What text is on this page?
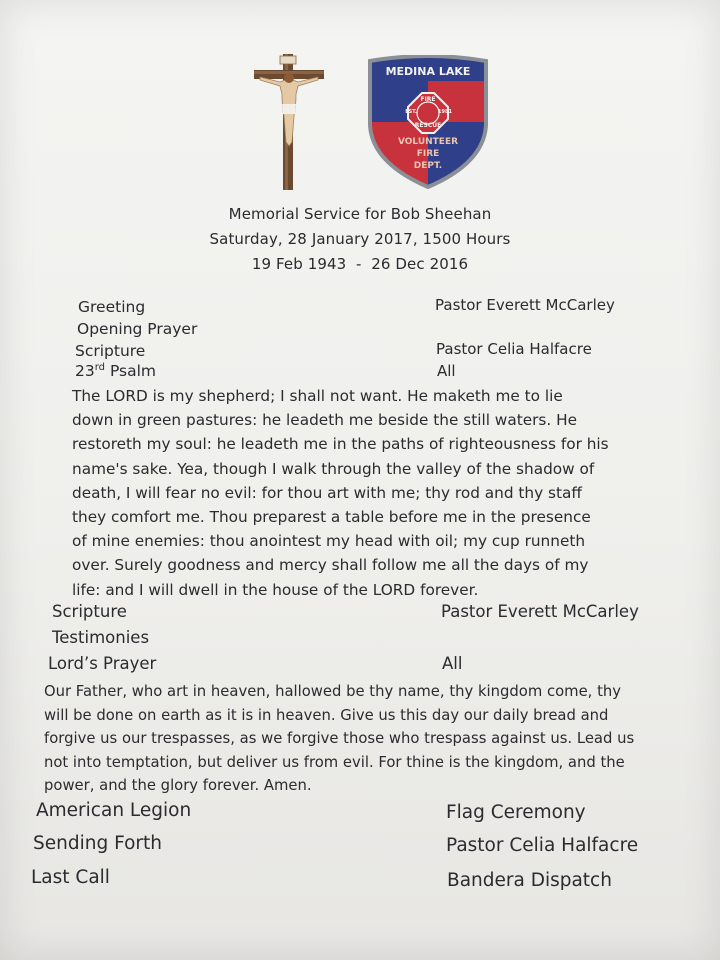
MEDINA LAKE
FIRE
EST.	1981
RESCUE
VOLUNTEER
FIRE
DEPT.
Memorial Service for Bob Sheehan
Saturday, 28 January 2017, 1500 Hours
19 Feb 1943  -  26 Dec 2016
Greeting	Pastor Everett McCarley
Opening Prayer
Scripture	Pastor Celia Halfacre
23rd Psalm	All
The LORD is my shepherd; I shall not want. He maketh me to lie
down in green pastures: he leadeth me beside the still waters. He
restoreth my soul: he leadeth me in the paths of righteousness for his
name's sake. Yea, though I walk through the valley of the shadow of
death, I will fear no evil: for thou art with me; thy rod and thy staff
they comfort me. Thou preparest a table before me in the presence
of mine enemies: thou anointest my head with oil; my cup runneth
over. Surely goodness and mercy shall follow me all the days of my
life: and I will dwell in the house of the LORD forever.
Scripture	Pastor Everett McCarley
Testimonies
Lord’s Prayer	All
Our Father, who art in heaven, hallowed be thy name, thy kingdom come, thy
will be done on earth as it is in heaven. Give us this day our daily bread and
forgive us our trespasses, as we forgive those who trespass against us. Lead us
not into temptation, but deliver us from evil. For thine is the kingdom, and the
power, and the glory forever. Amen.
American Legion	Flag Ceremony
Sending Forth	Pastor Celia Halfacre
Last Call	Bandera Dispatch
